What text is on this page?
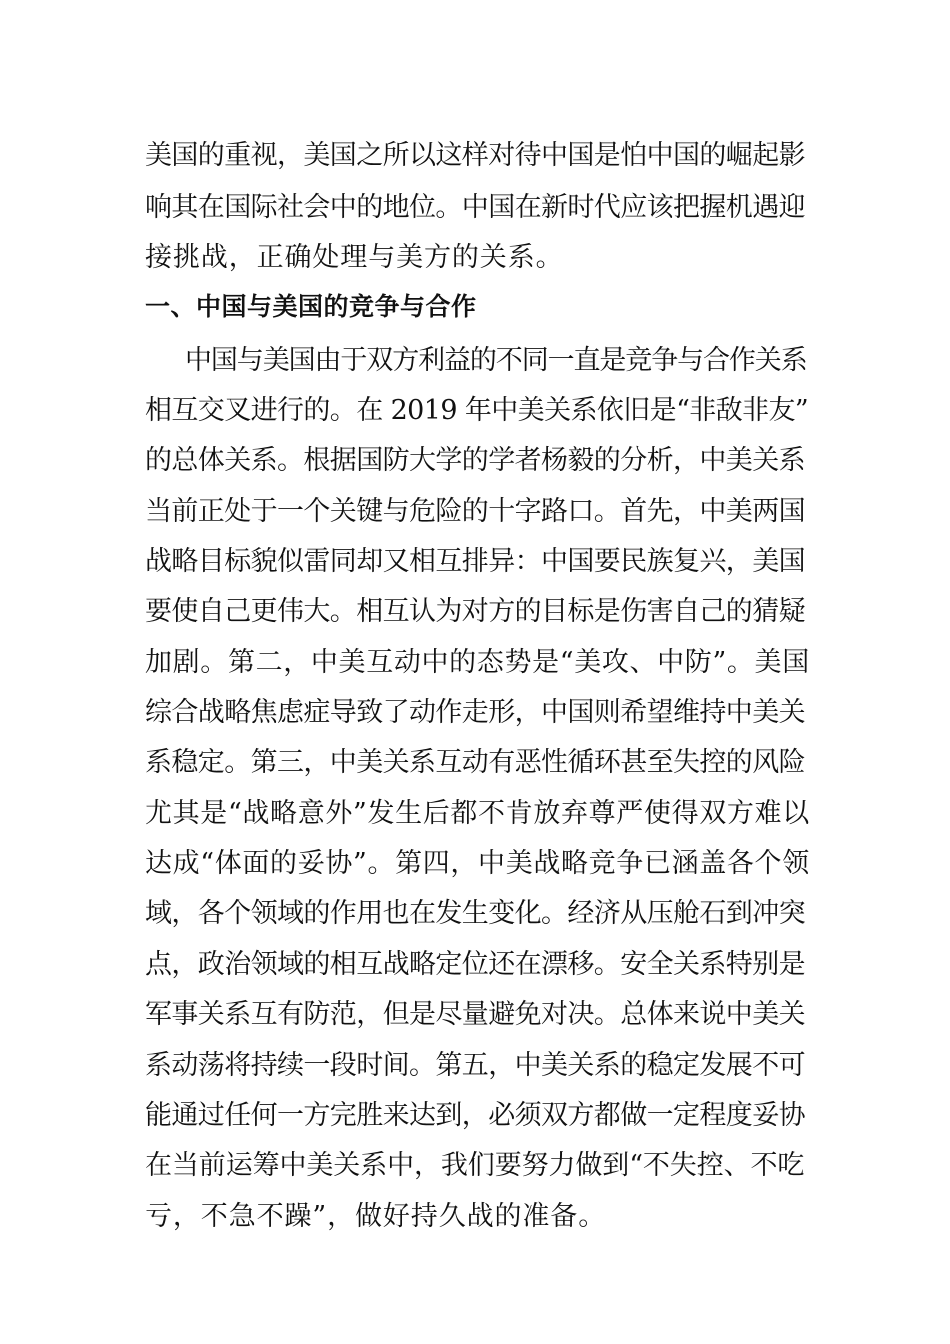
美国的重视，美国之所以这样对待中国是怕中国的崛起影
响其在国际社会中的地位。中国在新时代应该把握机遇迎
接挑战，正确处理与美方的关系。
一、中国与美国的竞争与合作
中国与美国由于双方利益的不同一直是竞争与合作关系
相互交叉进行的。在 2019 年中美关系依旧是“非敌非友”
的总体关系。根据国防大学的学者杨毅的分析，中美关系
当前正处于一个关键与危险的十字路口。首先，中美两国
战略目标貌似雷同却又相互排异：中国要民族复兴，美国
要使自己更伟大。相互认为对方的目标是伤害自己的猜疑
加剧。第二，中美互动中的态势是“美攻、中防”。美国
综合战略焦虑症导致了动作走形，中国则希望维持中美关
系稳定。第三，中美关系互动有恶性循环甚至失控的风险
尤其是“战略意外”发生后都不肯放弃尊严使得双方难以
达成“体面的妥协”。第四，中美战略竞争已涵盖各个领
域，各个领域的作用也在发生变化。经济从压舱石到冲突
点，政治领域的相互战略定位还在漂移。安全关系特别是
军事关系互有防范，但是尽量避免对决。总体来说中美关
系动荡将持续一段时间。第五，中美关系的稳定发展不可
能通过任何一方完胜来达到，必须双方都做一定程度妥协
在当前运筹中美关系中，我们要努力做到“不失控、不吃
亏，不急不躁”，做好持久战的准备。
